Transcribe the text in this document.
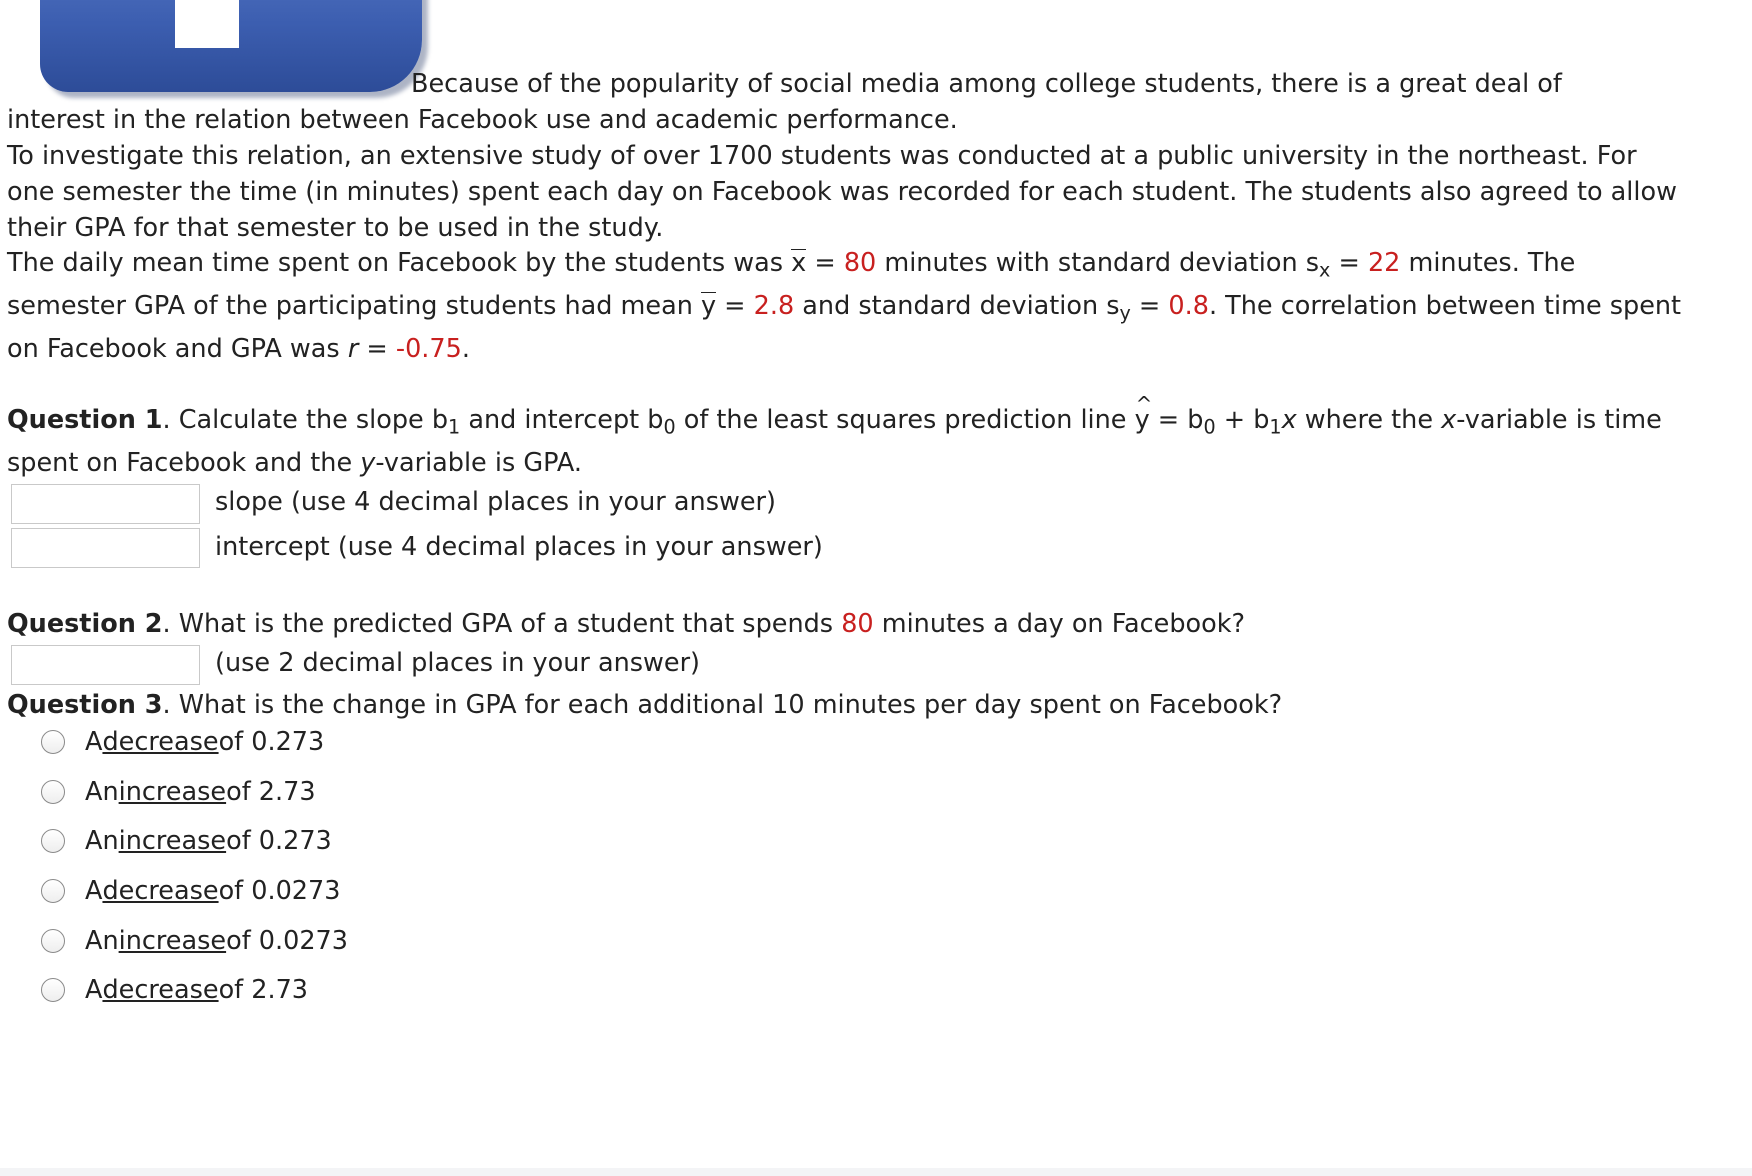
Because of the popularity of social media among college students, there is a great deal of
interest in the relation between Facebook use and academic performance.
To investigate this relation, an extensive study of over 1700 students was conducted at a public university in the northeast. For
one semester the time (in minutes) spent each day on Facebook was recorded for each student. The students also agreed to allow
their GPA for that semester to be used in the study.
The daily mean time spent on Facebook by the students was x = 80 minutes with standard deviation $s_x = 22$ minutes. The
semester GPA of the participating students had mean y = 2.8 and standard deviation $s_y = 0.8$. The correlation between time spent
on Facebook and GPA was r = -0.75.
Question 1. Calculate the slope $b_1$ and intercept $b_0$ of the least squares prediction line ^ $y = b_0 + b_1x$ where the x-variable is time
spent on Facebook and the y-variable is GPA.
slope (use 4 decimal places in your answer)
intercept (use 4 decimal places in your answer)
Question 2. What is the predicted GPA of a student that spends 80 minutes a day on Facebook?
(use 2 decimal places in your answer)
Question 3. What is the change in GPA for each additional 10 minutes per day spent on Facebook?
A decrease of 0.273
An increase of 2.73
An increase of 0.273
A decrease of 0.0273
An increase of 0.0273
A decrease of 2.73
